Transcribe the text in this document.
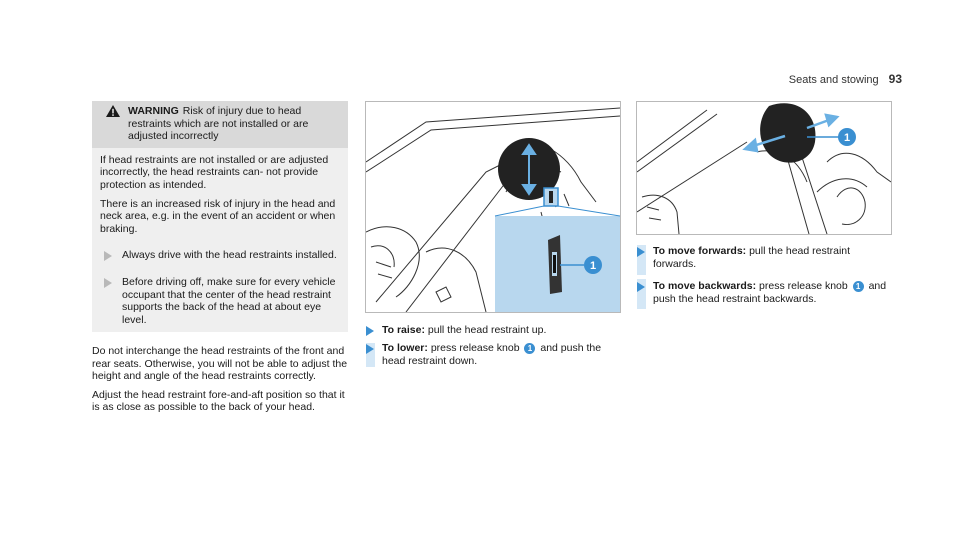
Seats and stowing 93
WARNING Risk of injury due to head restraints which are not installed or are adjusted incorrectly

If head restraints are not installed or are adjusted incorrectly, the head restraints can- not provide protection as intended.

There is an increased risk of injury in the head and neck area, e.g. in the event of an accident or when braking.

Always drive with the head restraints installed.
Before driving off, make sure for every vehicle occupant that the center of the head restraint supports the back of the head at about eye level.

Do not interchange the head restraints of the front and rear seats. Otherwise, you will not be able to adjust the height and angle of the head restraints correctly.

Adjust the head restraint fore-and-aft position so that it is as close as possible to the back of your head.

1
To raise: pull the head restraint up.
To lower: press release knob 1 and push the head restraint down.
1
To move forwards: pull the head restraint forwards.
To move backwards: press release knob 1 and push the head restraint backwards.
